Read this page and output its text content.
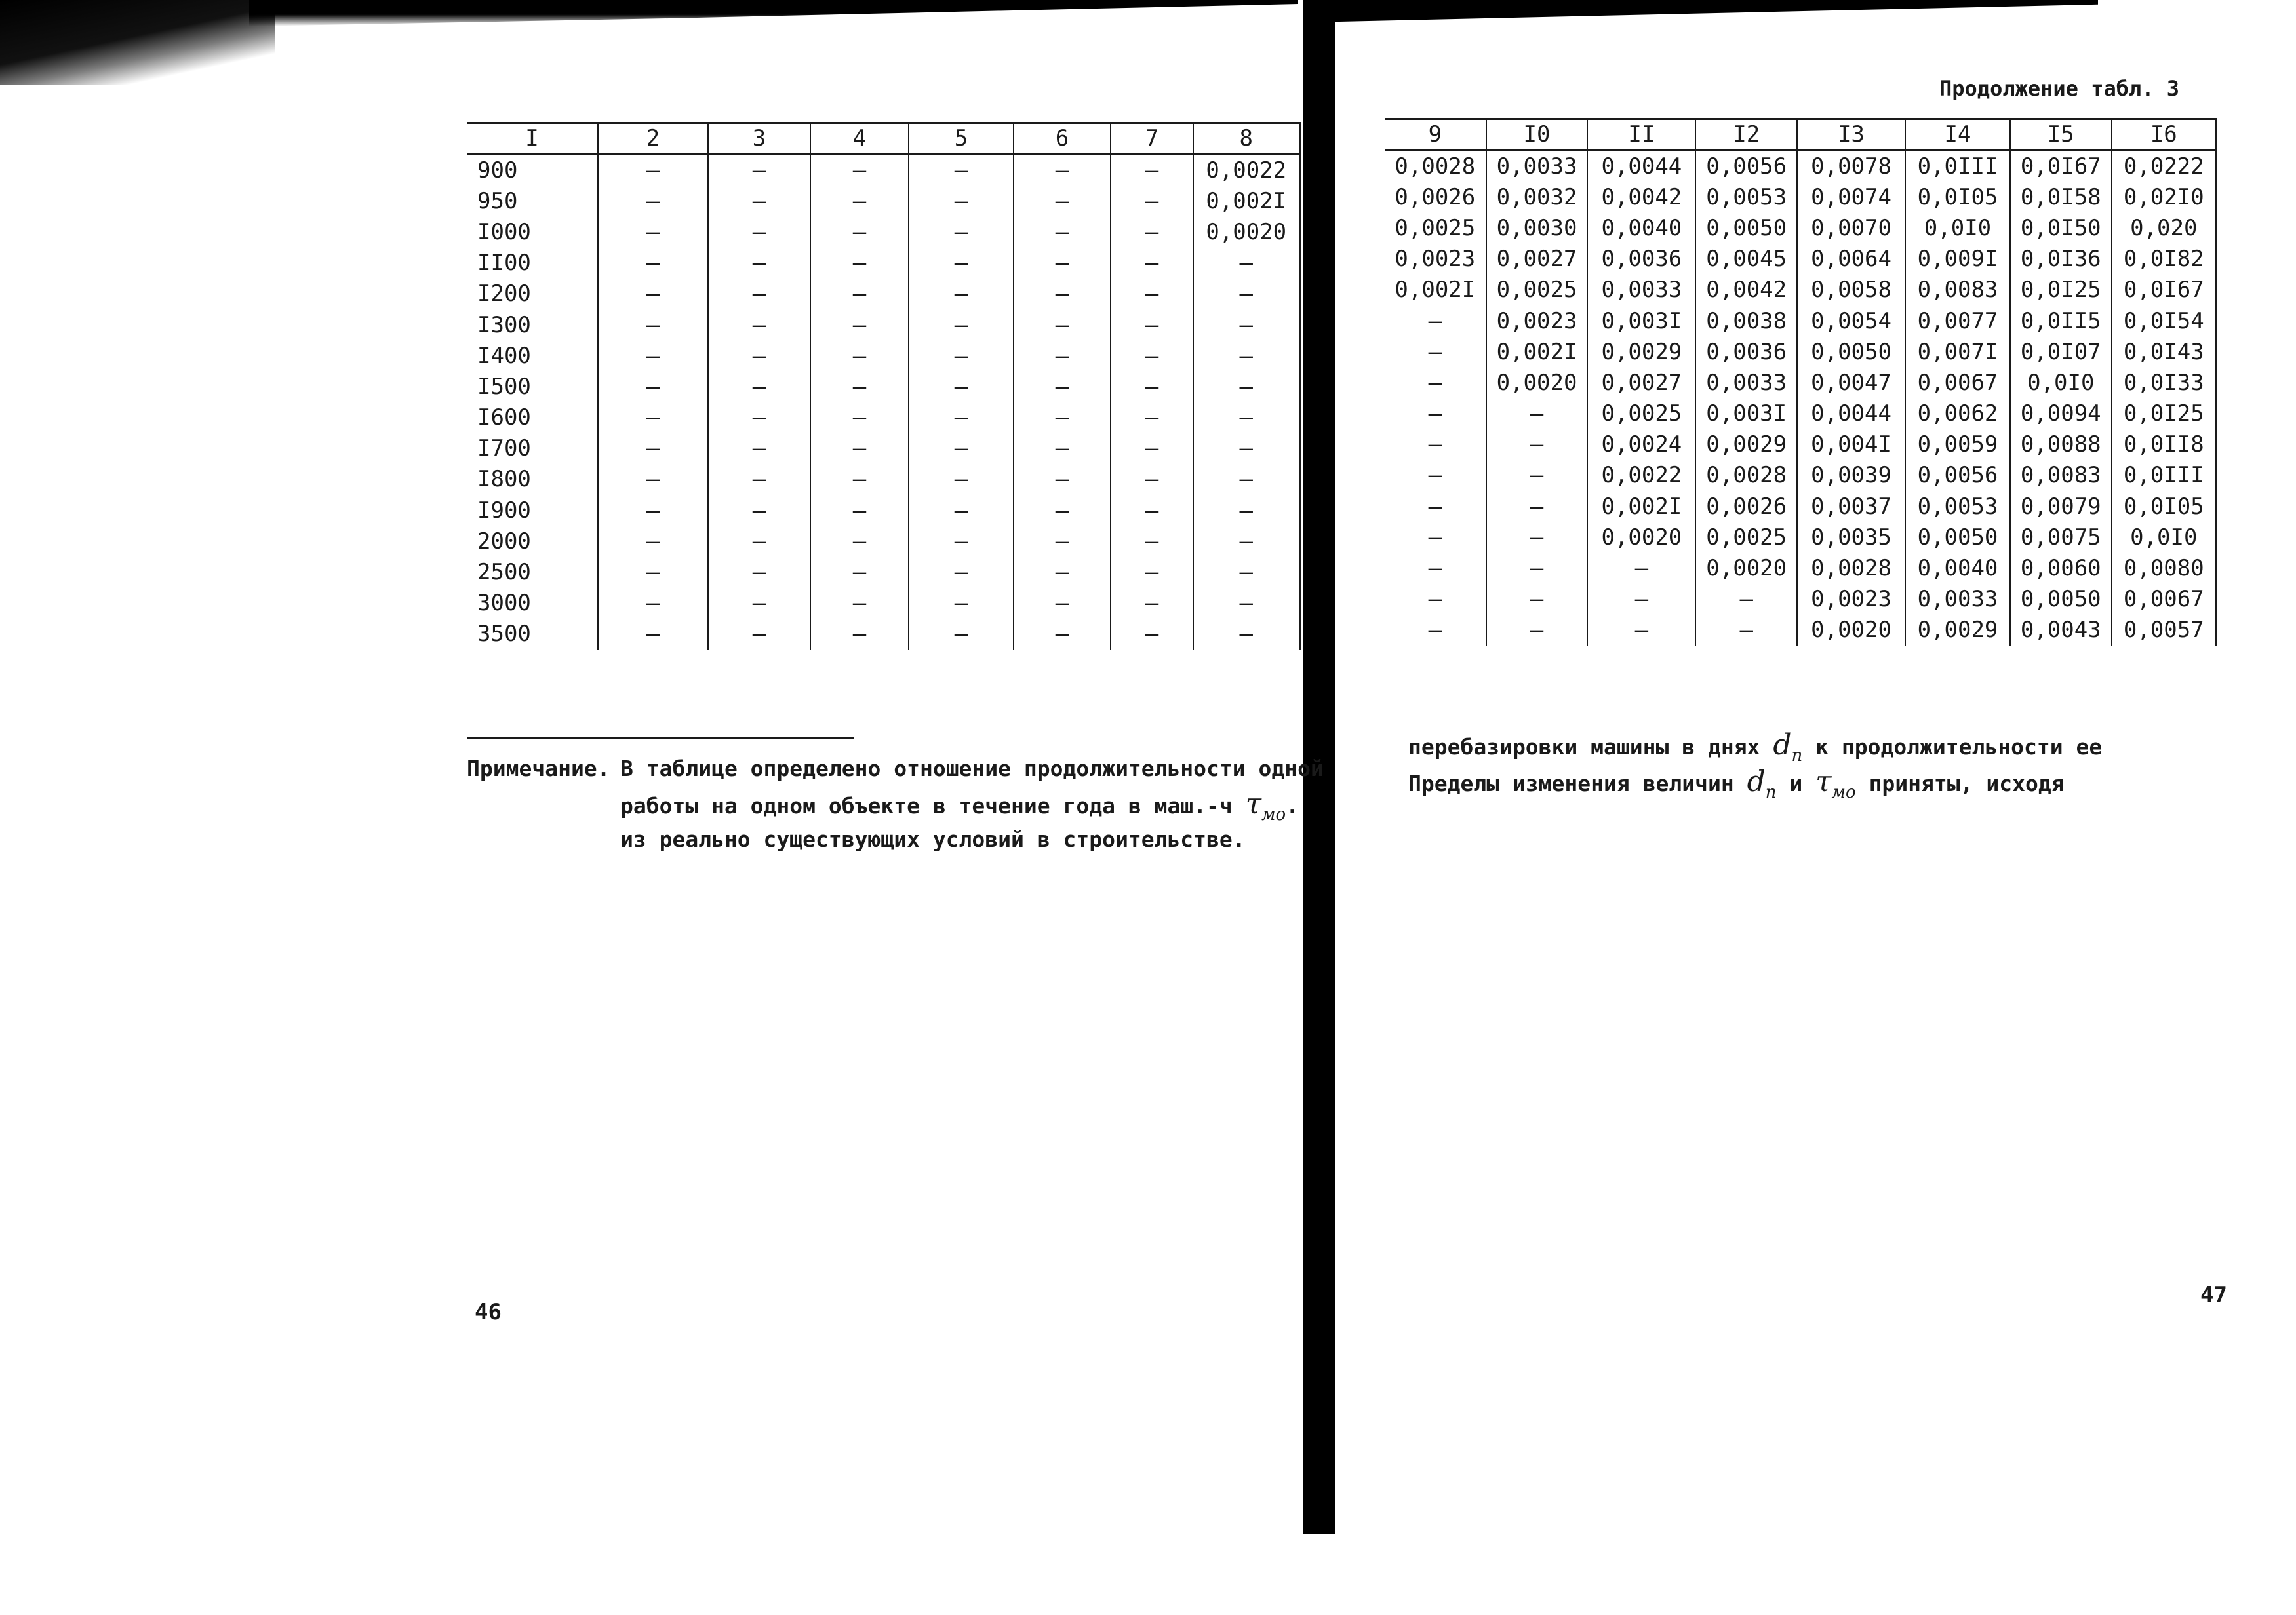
I	2	3	4	5	6	7	8
900	–	–	–	–	–	–	0,0022
950	–	–	–	–	–	–	0,002I
I000	–	–	–	–	–	–	0,0020
II00	–	–	–	–	–	–	–
I200	–	–	–	–	–	–	–
I300	–	–	–	–	–	–	–
I400	–	–	–	–	–	–	–
I500	–	–	–	–	–	–	–
I600	–	–	–	–	–	–	–
I700	–	–	–	–	–	–	–
I800	–	–	–	–	–	–	–
I900	–	–	–	–	–	–	–
2000	–	–	–	–	–	–	–
2500	–	–	–	–	–	–	–
3000	–	–	–	–	–	–	–
3500	–	–	–	–	–	–	–
Примечание. В таблице определено отношение продолжительности одной
работы на одном объекте в течение года в маш.-ч $\tau_{мо}$.
из реально существующих условий в строительстве.
46
Продолжение табл. 3
9	I0	II	I2	I3	I4	I5	I6
0,0028	0,0033	0,0044	0,0056	0,0078	0,0III	0,0I67	0,0222
0,0026	0,0032	0,0042	0,0053	0,0074	0,0I05	0,0I58	0,02I0
0,0025	0,0030	0,0040	0,0050	0,0070	0,0I0	0,0I50	0,020
0,0023	0,0027	0,0036	0,0045	0,0064	0,009I	0,0I36	0,0I82
0,002I	0,0025	0,0033	0,0042	0,0058	0,0083	0,0I25	0,0I67
–	0,0023	0,003I	0,0038	0,0054	0,0077	0,0II5	0,0I54
–	0,002I	0,0029	0,0036	0,0050	0,007I	0,0I07	0,0I43
–	0,0020	0,0027	0,0033	0,0047	0,0067	0,0I0	0,0I33
–	–	0,0025	0,003I	0,0044	0,0062	0,0094	0,0I25
–	–	0,0024	0,0029	0,004I	0,0059	0,0088	0,0II8
–	–	0,0022	0,0028	0,0039	0,0056	0,0083	0,0III
–	–	0,002I	0,0026	0,0037	0,0053	0,0079	0,0I05
–	–	0,0020	0,0025	0,0035	0,0050	0,0075	0,0I0
–	–	–	0,0020	0,0028	0,0040	0,0060	0,0080
–	–	–	–	0,0023	0,0033	0,0050	0,0067
–	–	–	–	0,0020	0,0029	0,0043	0,0057
перебазировки машины в днях $d_п$ к продолжительности ее
Пределы изменения величин $d_п$ и $\tau_{мо}$ приняты, исходя
47
